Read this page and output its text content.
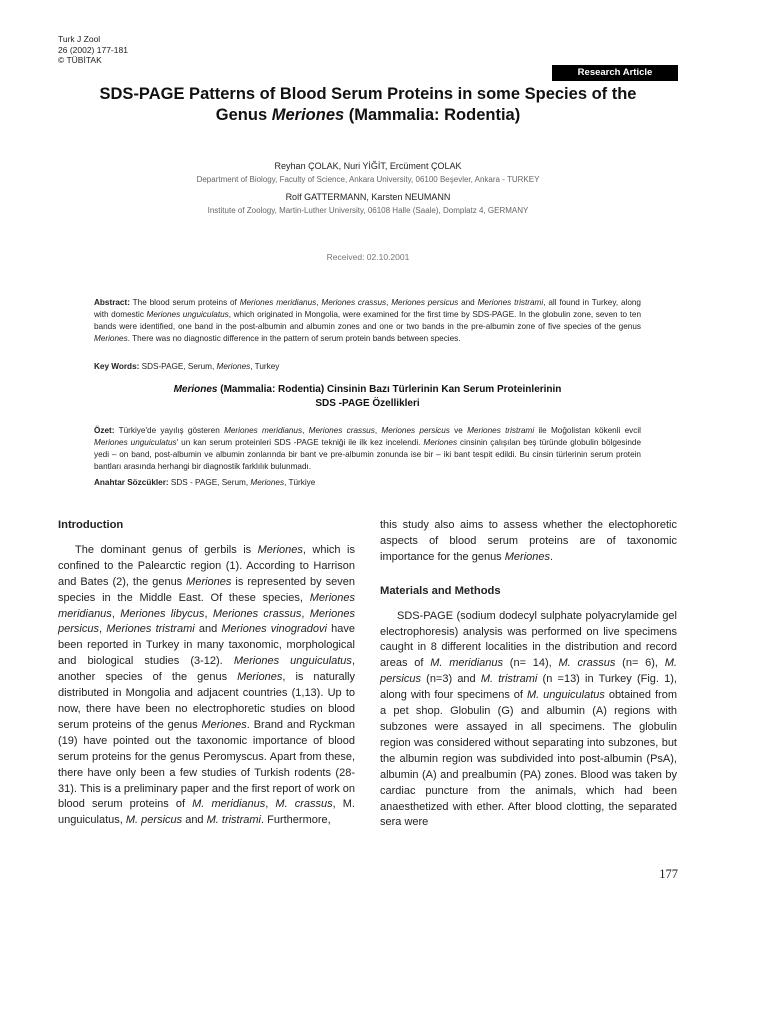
Turk J Zool
26 (2002) 177-181
© TÜBİTAK
Research Article
SDS-PAGE Patterns of Blood Serum Proteins in some Species of the
Genus Meriones (Mammalia: Rodentia)
Reyhan ÇOLAK, Nuri YİĞİT, Ercüment ÇOLAK
Department of Biology, Faculty of Science, Ankara University, 06100 Beşevler, Ankara - TURKEY
Rolf GATTERMANN, Karsten NEUMANN
Institute of Zoology, Martin-Luther University, 06108 Halle (Saale), Domplatz 4, GERMANY
Received: 02.10.2001
Abstract: The blood serum proteins of Meriones meridianus, Meriones crassus, Meriones persicus and Meriones tristrami, all found in Turkey, along with domestic Meriones unguiculatus, which originated in Mongolia, were examined for the first time by SDS-PAGE. In the globulin zone, seven to ten bands were identified, one band in the post-albumin and albumin zones and one or two bands in the pre-albumin zone of five species of the genus Meriones. There was no diagnostic difference in the pattern of serum protein bands between species.
Key Words: SDS-PAGE, Serum, Meriones, Turkey
Meriones (Mammalia: Rodentia) Cinsinin Bazı Türlerinin Kan Serum Proteinlerinin
SDS -PAGE Özellikleri
Özet: Türkiye'de yayılış gösteren Meriones meridianus, Meriones crassus, Meriones persicus ve Meriones tristrami ile Moğolistan kökenli evcil Meriones unguiculatus' un kan serum proteinleri SDS -PAGE tekniği ile ilk kez incelendi. Meriones cinsinin çalışılan beş türünde globulin bölgesinde yedi – on band, post-albumin ve albumin zonlarında bir bant ve pre-albumin zonunda ise bir – iki bant tespit edildi. Bu cinsin türlerinin serum protein bantları arasında herhangi bir diagnostik farklılık bulunmadı.
Anahtar Sözcükler: SDS - PAGE, Serum, Meriones, Türkiye
Introduction

The dominant genus of gerbils is Meriones, which is confined to the Palearctic region (1). According to Harrison and Bates (2), the genus Meriones is represented by seven species in the Middle East. Of these species, Meriones meridianus, Meriones libycus, Meriones crassus, Meriones persicus, Meriones tristrami and Meriones vinogradovi have been reported in Turkey in many taxonomic, morphological and biological studies (3-12). Meriones unguiculatus, another species of the genus Meriones, is naturally distributed in Mongolia and adjacent countries (1,13). Up to now, there have been no electrophoretic studies on blood serum proteins of the genus Meriones. Brand and Ryckman (19) have pointed out the taxonomic importance of blood serum proteins for the genus Peromyscus. Apart from these, there have only been a few studies of Turkish rodents (28-31). This is a preliminary paper and the first report of work on blood serum proteins of M. meridianus, M. crassus, M. unguiculatus, M. persicus and M. tristrami. Furthermore,

this study also aims to assess whether the electophoretic aspects of blood serum proteins are of taxonomic importance for the genus Meriones.

Materials and Methods

SDS-PAGE (sodium dodecyl sulphate polyacrylamide gel electrophoresis) analysis was performed on live specimens caught in 8 different localities in the distribution and record areas of M. meridianus (n= 14), M. crassus (n= 6), M. persicus (n=3) and M. tristrami (n =13) in Turkey (Fig. 1), along with four specimens of M. unguiculatus obtained from a pet shop. Globulin (G) and albumin (A) regions with subzones were assayed in all specimens. The globulin region was considered without separating into subzones, but the albumin region was subdivided into post-albumin (PsA), albumin (A) and prealbumin (PA) zones. Blood was taken by cardiac puncture from the animals, which had been anaesthetized with ether. After blood clotting, the separated sera were

177
